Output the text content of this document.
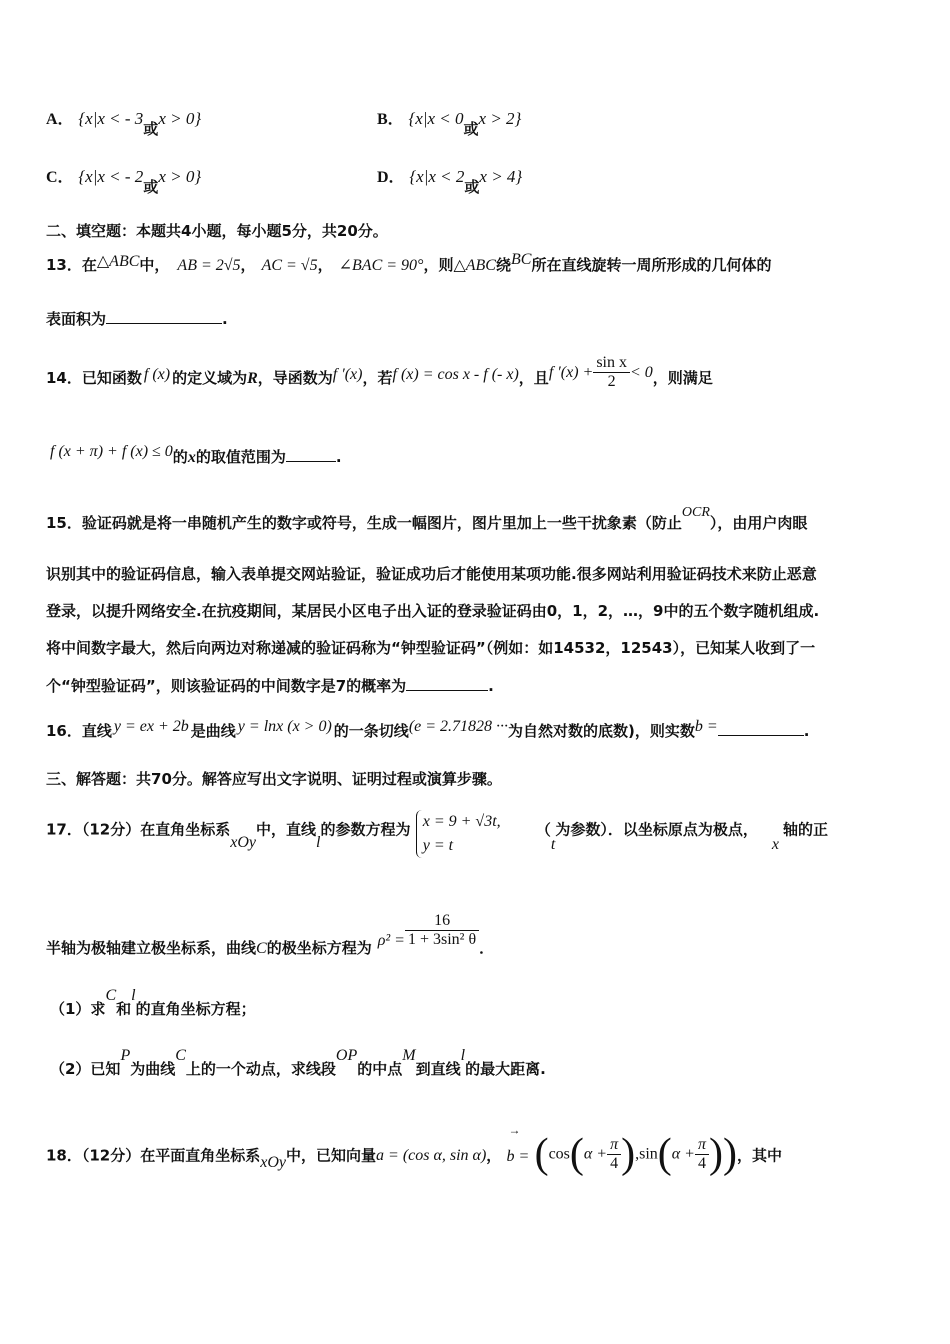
A． {x|x < - 3或x > 0}	B． {x|x < 0或x > 2}
C． {x|x < - 2或x > 0}	D． {x|x < 2或x > 4}
二、填空题：本题共4小题，每小题5分，共20分。
13．在△ABC中， AB = 2√5， AC = √5， ∠BAC = 90°，则△ABC绕BC所在直线旋转一周所形成的几何体的
表面积为	.
14．已知函数 f (x) 的定义域为R，导函数为f ′(x)，若f (x) = cos x - f (- x)，且f $'(x) + \frac{\text{sin x}}{2} < 0$，则满足
f (x + π) + f (x) ≤ 0的x的取值范围为	.
15．验证码就是将一串随机产生的数字或符号，生成一幅图片，图片里加上一些干扰象素（防止OCR），由用户肉眼
识别其中的验证码信息，输入表单提交网站验证，验证成功后才能使用某项功能.很多网站利用验证码技术来防止恶意
登录，以提升网络安全.在抗疫期间，某居民小区电子出入证的登录验证码由0，1，2，…，9中的五个数字随机组成.
将中间数字最大，然后向两边对称递减的验证码称为“钟型验证码”（例如：如14532，12543），已知某人收到了一
个“钟型验证码”，则该验证码的中间数字是7的概率为	.
16．直线 y = ex + 2b 是曲线 y = lnx (x > 0) 的一条切线(e = 2.71828 ···为自然对数的底数)，则实数b =	.
三、解答题：共70分。解答应写出文字说明、证明过程或演算步骤。
17．（12分）在直角坐标系xOy中，直线l的参数方程为 x = 9 + √3t,
y = t
（t为参数）．以坐标原点为极点，x轴的正
半轴为极轴建立极坐标系，曲线C的极坐标方程为 $\rho^2 = \frac{16}{\text{1 + 3sin² θ}}$ ．
（1）求C和l的直角坐标方程；
（2）已知P为曲线C上的一个动点，求线段OP的中点M到直线l的最大距离.
18．（12分）在平面直角坐标系xOy中，已知向量a = (cos α, sin α)，
→
$b = (\cos(\alpha + \frac{\pi}{4} ),\sin(\alpha + \frac{\pi}{4}$ ))，其中
